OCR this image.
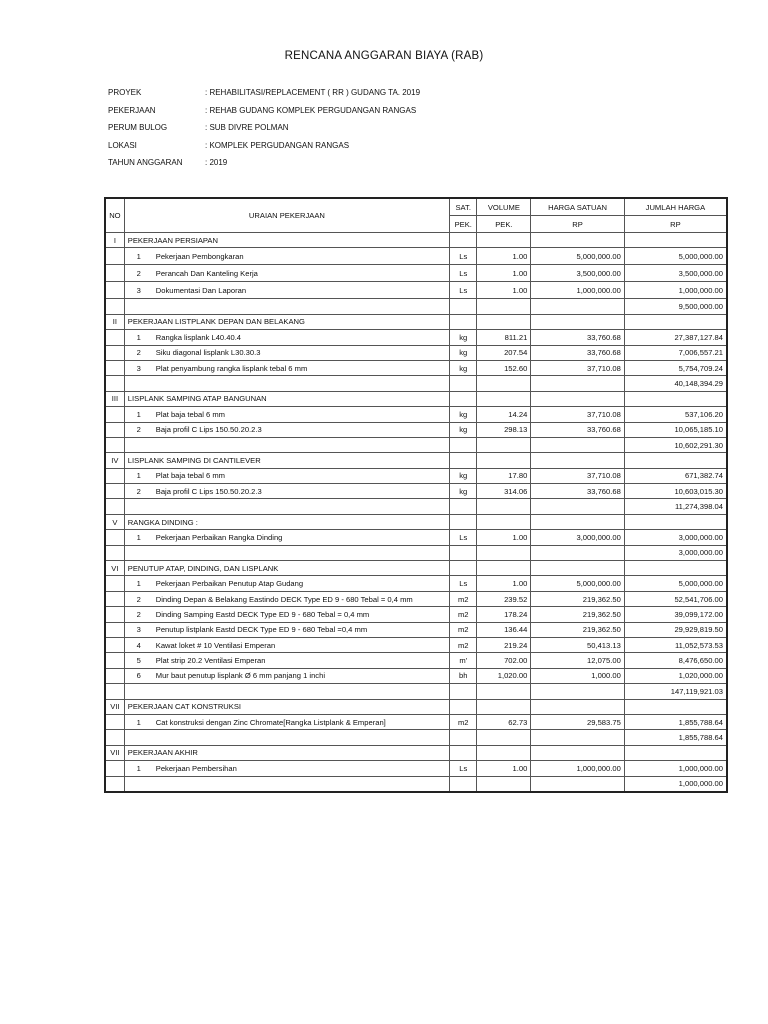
RENCANA ANGGARAN BIAYA (RAB)
PROYEK	: REHABILITASI/REPLACEMENT ( RR ) GUDANG TA. 2019
PEKERJAAN	: REHAB GUDANG KOMPLEK PERGUDANGAN RANGAS
PERUM BULOG	: SUB DIVRE POLMAN
LOKASI	: KOMPLEK PERGUDANGAN RANGAS
TAHUN ANGGARAN	: 2019
NO	URAIAN PEKERJAAN		SAT.	VOLUME	HARGA SATUAN	JUMLAH HARGA
			PEK.	PEK.	RP	RP
I	PEKERJAAN PERSIAPAN					
	1	Pekerjaan Pembongkaran	Ls	1.00	5,000,000.00	5,000,000.00
	2	Perancah Dan Kanteling Kerja	Ls	1.00	3,500,000.00	3,500,000.00
	3	Dokumentasi Dan Laporan	Ls	1.00	1,000,000.00	1,000,000.00
						9,500,000.00
II	PEKERJAAN LISTPLANK DEPAN DAN BELAKANG					
	1	Rangka lisplank L40.40.4	kg	811.21	33,760.68	27,387,127.84
	2	Siku diagonal lisplank L30.30.3	kg	207.54	33,760.68	7,006,557.21
	3	Plat penyambung rangka lisplank tebal 6 mm	kg	152.60	37,710.08	5,754,709.24
						40,148,394.29
III	LISPLANK SAMPING ATAP BANGUNAN					
	1	Plat baja tebal 6 mm	kg	14.24	37,710.08	537,106.20
	2	Baja profil C Lips 150.50.20.2.3	kg	298.13	33,760.68	10,065,185.10
						10,602,291.30
IV	LISPLANK SAMPING DI CANTILEVER					
	1	Plat baja tebal 6 mm	kg	17.80	37,710.08	671,382.74
	2	Baja profil C Lips 150.50.20.2.3	kg	314.06	33,760.68	10,603,015.30
						11,274,398.04
V	RANGKA DINDING :					
	1	Pekerjaan Perbaikan Rangka Dinding	Ls	1.00	3,000,000.00	3,000,000.00
						3,000,000.00
VI	PENUTUP ATAP, DINDING, DAN LISPLANK					
	1	Pekerjaan Perbaikan Penutup Atap Gudang	Ls	1.00	5,000,000.00	5,000,000.00
	2	Dinding Depan & Belakang Eastindo DECK Type ED 9 - 680 Tebal = 0,4 mm	m2	239.52	219,362.50	52,541,706.00
	2	Dinding Samping Eastd DECK Type ED 9 - 680 Tebal = 0,4 mm	m2	178.24	219,362.50	39,099,172.00
	3	Penutup listplank Eastd DECK Type ED 9 - 680 Tebal =0,4 mm	m2	136.44	219,362.50	29,929,819.50
	4	Kawat loket # 10 Ventilasi Emperan	m2	219.24	50,413.13	11,052,573.53
	5	Plat strip 20.2 Ventilasi Emperan	m'	702.00	12,075.00	8,476,650.00
	6	Mur baut penutup lisplank Ø 6 mm panjang 1 inchi	bh	1,020.00	1,000.00	1,020,000.00
						147,119,921.03
VII	PEKERJAAN CAT KONSTRUKSI					
	1	Cat konstruksi dengan Zinc Chromate[Rangka Listplank & Emperan]	m2	62.73	29,583.75	1,855,788.64
						1,855,788.64
VII	PEKERJAAN AKHIR					
	1	Pekerjaan Pembersihan	Ls	1.00	1,000,000.00	1,000,000.00
						1,000,000.00
